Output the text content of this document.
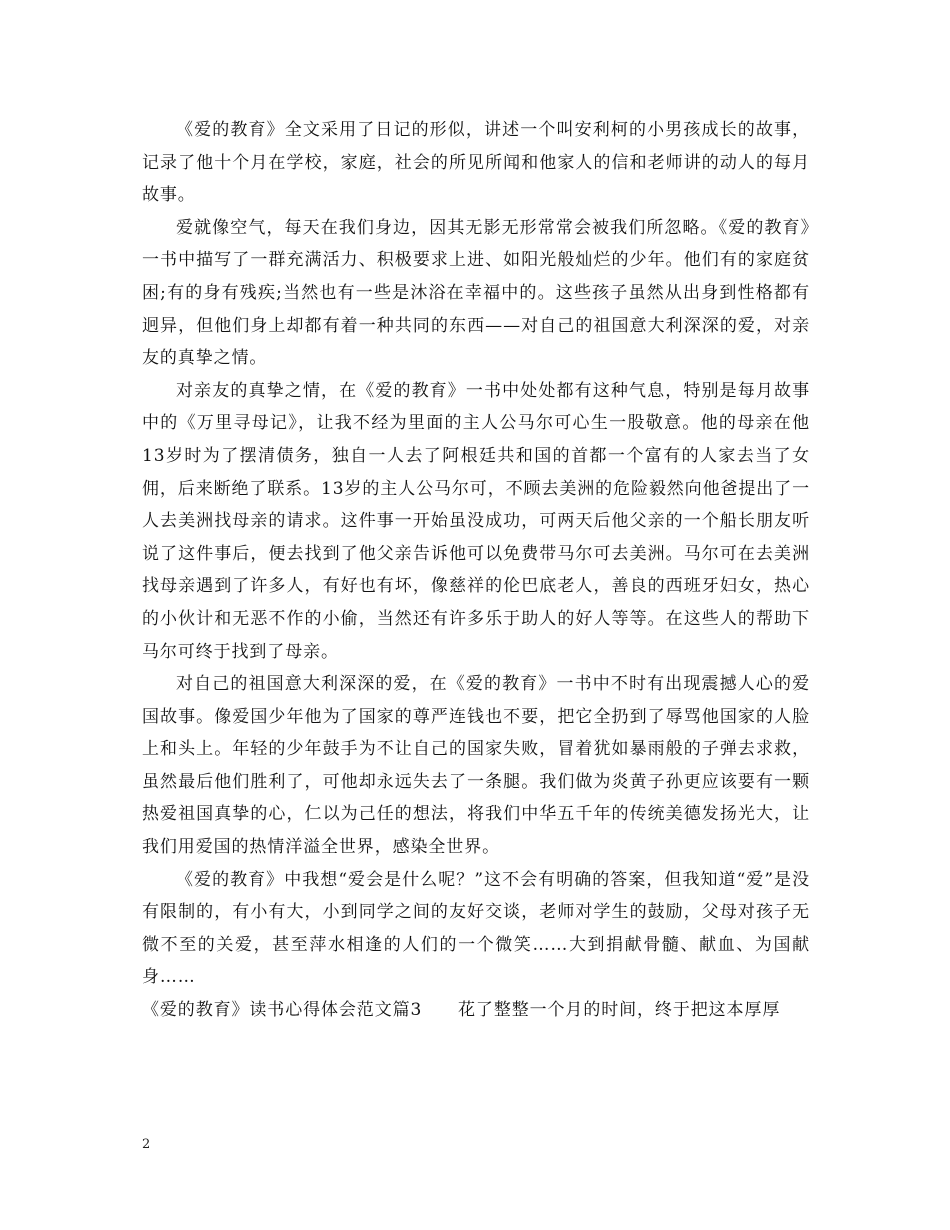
《爱的教育》全文采用了日记的形似，讲述一个叫安利柯的小男孩成长的故事，记录了他十个月在学校，家庭，社会的所见所闻和他家人的信和老师讲的动人的每月故事。

爱就像空气，每天在我们身边，因其无影无形常常会被我们所忽略。《爱的教育》一书中描写了一群充满活力、积极要求上进、如阳光般灿烂的少年。他们有的家庭贫困;有的身有残疾;当然也有一些是沐浴在幸福中的。这些孩子虽然从出身到性格都有迥异，但他们身上却都有着一种共同的东西——对自己的祖国意大利深深的爱，对亲友的真挚之情。

对亲友的真挚之情，在《爱的教育》一书中处处都有这种气息，特别是每月故事中的《万里寻母记》，让我不经为里面的主人公马尔可心生一股敬意。他的母亲在他13岁时为了摆清债务，独自一人去了阿根廷共和国的首都一个富有的人家去当了女佣，后来断绝了联系。13岁的主人公马尔可，不顾去美洲的危险毅然向他爸提出了一人去美洲找母亲的请求。这件事一开始虽没成功，可两天后他父亲的一个船长朋友听说了这件事后，便去找到了他父亲告诉他可以免费带马尔可去美洲。马尔可在去美洲找母亲遇到了许多人，有好也有坏，像慈祥的伦巴底老人，善良的西班牙妇女，热心的小伙计和无恶不作的小偷，当然还有许多乐于助人的好人等等。在这些人的帮助下马尔可终于找到了母亲。

对自己的祖国意大利深深的爱，在《爱的教育》一书中不时有出现震撼人心的爱国故事。像爱国少年他为了国家的尊严连钱也不要，把它全扔到了辱骂他国家的人脸上和头上。年轻的少年鼓手为不让自己的国家失败，冒着犹如暴雨般的子弹去求救，虽然最后他们胜利了，可他却永远失去了一条腿。我们做为炎黄子孙更应该要有一颗热爱祖国真挚的心，仁以为己任的想法，将我们中华五千年的传统美德发扬光大，让我们用爱国的热情洋溢全世界，感染全世界。

《爱的教育》中我想“爱会是什么呢？”这不会有明确的答案，但我知道“爱”是没有限制的，有小有大，小到同学之间的友好交谈，老师对学生的鼓励，父母对孩子无微不至的关爱，甚至萍水相逢的人们的一个微笑……大到捐献骨髓、献血、为国献身……

《爱的教育》读书心得体会范文篇3　　花了整整一个月的时间，终于把这本厚厚

2
